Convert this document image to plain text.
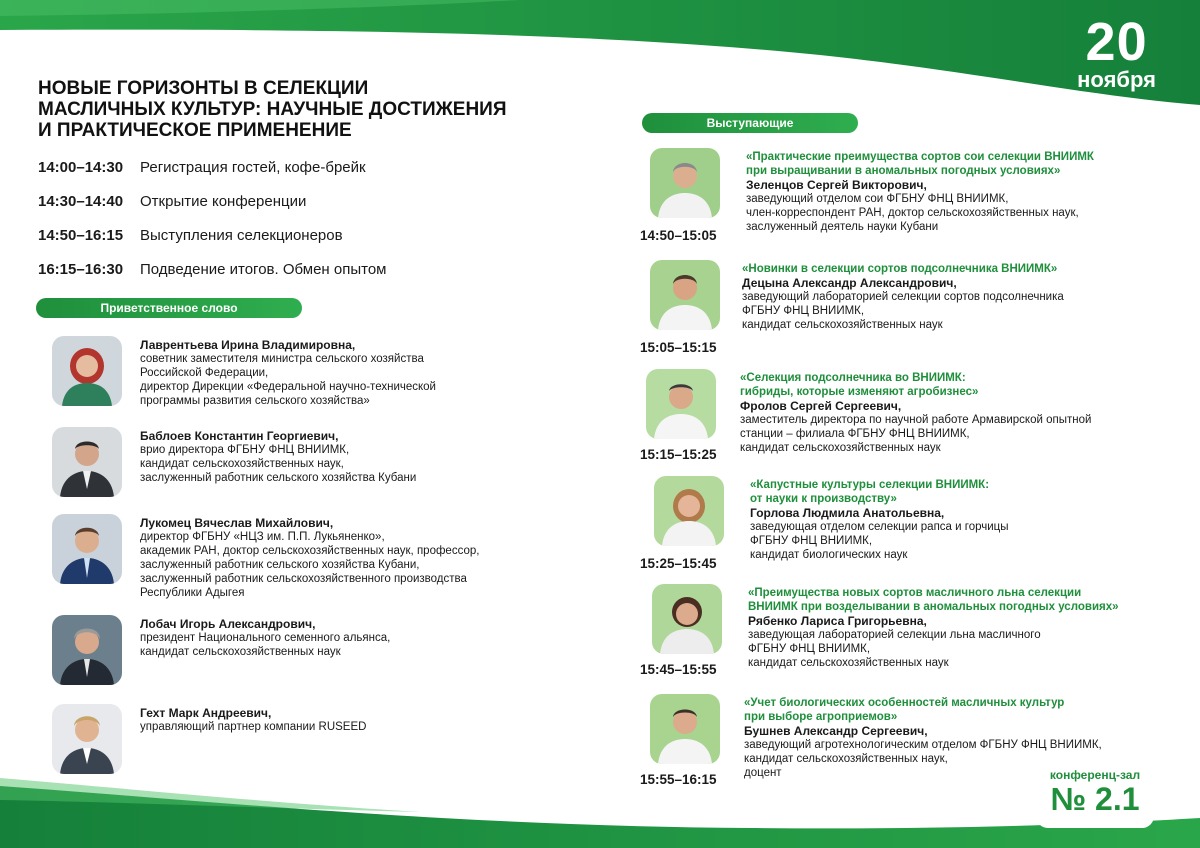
20
ноября
НОВЫЕ ГОРИЗОНТЫ В СЕЛЕКЦИИ
МАСЛИЧНЫХ КУЛЬТУР: НАУЧНЫЕ ДОСТИЖЕНИЯ
И ПРАКТИЧЕСКОЕ ПРИМЕНЕНИЕ
14:00–14:30	Регистрация гостей, кофе-брейк
14:30–14:40	Открытие конференции
14:50–16:15	Выступления селекционеров
16:15–16:30	Подведение итогов. Обмен опытом
Приветственное слово
Выступающие
Лаврентьева Ирина Владимировна,
советник заместителя министра сельского хозяйства
Российской Федерации,
директор Дирекции «Федеральной научно-технической
программы развития сельского хозяйства»
Баблоев Константин Георгиевич,
врио директора ФГБНУ ФНЦ ВНИИМК,
кандидат сельскохозяйственных наук,
заслуженный работник сельского хозяйства Кубани
Лукомец Вячеслав Михайлович,
директор ФГБНУ «НЦЗ им. П.П. Лукьяненко»,
академик РАН, доктор сельскохозяйственных наук, профессор,
заслуженный работник сельского хозяйства Кубани,
заслуженный работник сельскохозяйственного производства
Республики Адыгея
Лобач Игорь Александрович,
президент Национального семенного альянса,
кандидат сельскохозяйственных наук
Гехт Марк Андреевич,
управляющий партнер компании RUSEED
14:50–15:05
«Практические преимущества сортов сои селекции ВНИИМК
при выращивании в аномальных погодных условиях»
Зеленцов Сергей Викторович,
заведующий отделом сои ФГБНУ ФНЦ ВНИИМК,
член-корреспондент РАН, доктор сельскохозяйственных наук,
заслуженный деятель науки Кубани
15:05–15:15
«Новинки в селекции сортов подсолнечника ВНИИМК»
Децына Александр Александрович,
заведующий лабораторией селекции сортов подсолнечника
ФГБНУ ФНЦ ВНИИМК,
кандидат сельскохозяйственных наук
15:15–15:25
«Селекция подсолнечника во ВНИИМК:
гибриды, которые изменяют агробизнес»
Фролов Сергей Сергеевич,
заместитель директора по научной работе Армавирской опытной
станции – филиала ФГБНУ ФНЦ ВНИИМК,
кандидат сельскохозяйственных наук
15:25–15:45
«Капустные культуры селекции ВНИИМК:
от науки к производству»
Горлова Людмила Анатольевна,
заведующая отделом селекции рапса и горчицы
ФГБНУ ФНЦ ВНИИМК,
кандидат биологических наук
15:45–15:55
«Преимущества новых сортов масличного льна селекции
ВНИИМК при возделывании в аномальных погодных условиях»
Рябенко Лариса Григорьевна,
заведующая лабораторией селекции льна масличного
ФГБНУ ФНЦ ВНИИМК,
кандидат сельскохозяйственных наук
15:55–16:15
«Учет биологических особенностей масличных культур
при выборе агроприемов»
Бушнев Александр Сергеевич,
заведующий агротехнологическим отделом ФГБНУ ФНЦ ВНИИМК,
кандидат сельскохозяйственных наук,
доцент	конференц-зал
№ 2.1
